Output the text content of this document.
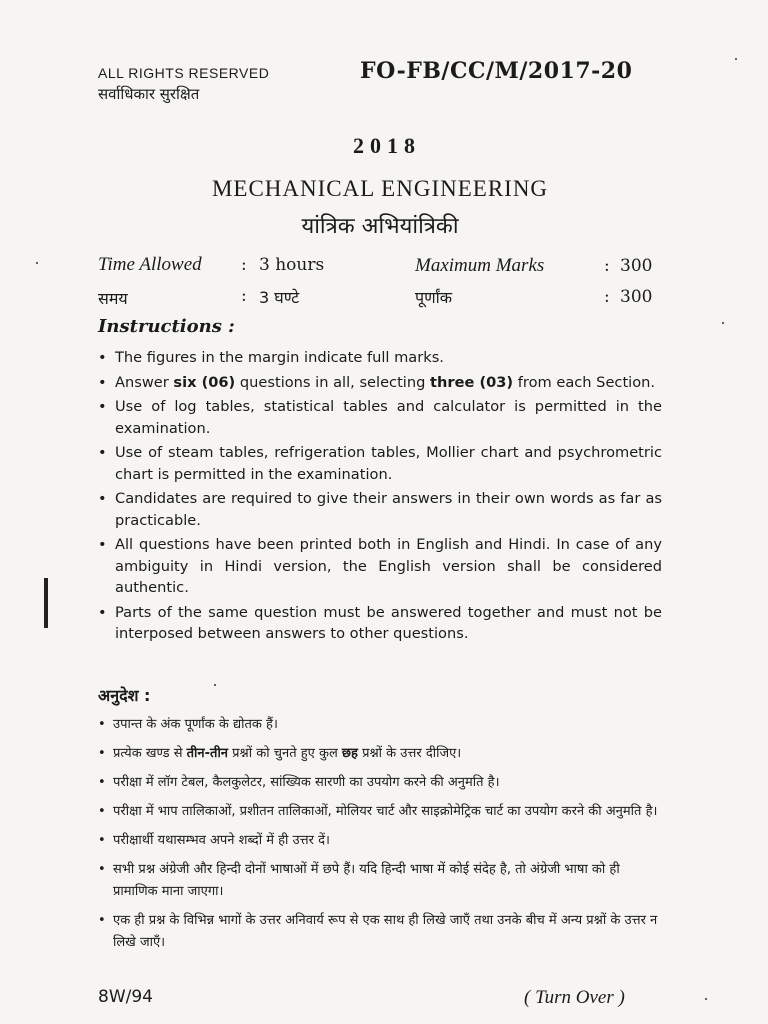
ALL RIGHTS RESERVED
सर्वाधिकार सुरक्षित
FO-FB/CC/M/2017-20
2018
MECHANICAL ENGINEERING
यांत्रिक अभियांत्रिकी
Time Allowed : 3 hours	Maximum Marks	: 300
समय	: 3 घण्टे	पूर्णांक	: 300
Instructions :
• The figures in the margin indicate full marks.
• Answer six (06) questions in all, selecting three (03) from each Section.
• Use of log tables, statistical tables and calculator is permitted in the examination.
• Use of steam tables, refrigeration tables, Mollier chart and psychrometric chart is permitted in the examination.
• Candidates are required to give their answers in their own words as far as practicable.
• All questions have been printed both in English and Hindi. In case of any ambiguity in Hindi version, the English version shall be considered authentic.
• Parts of the same question must be answered together and must not be interposed between answers to other questions.
अनुदेश :
• उपान्त के अंक पूर्णांक के द्योतक हैं।
• प्रत्येक खण्ड से तीन-तीन प्रश्नों को चुनते हुए कुल छह प्रश्नों के उत्तर दीजिए।
• परीक्षा में लॉग टेबल, कैलकुलेटर, सांख्यिक सारणी का उपयोग करने की अनुमति है।
• परीक्षा में भाप तालिकाओं, प्रशीतन तालिकाओं, मोलियर चार्ट और साइक्रोमेट्रिक चार्ट का उपयोग करने की अनुमति है।
• परीक्षार्थी यथासम्भव अपने शब्दों में ही उत्तर दें।
• सभी प्रश्न अंग्रेजी और हिन्दी दोनों भाषाओं में छपे हैं। यदि हिन्दी भाषा में कोई संदेह है, तो अंग्रेजी भाषा को ही प्रामाणिक माना जाएगा।
• एक ही प्रश्न के विभिन्न भागों के उत्तर अनिवार्य रूप से एक साथ ही लिखे जाएँ तथा उनके बीच में अन्य प्रश्नों के उत्तर न लिखे जाएँ।
8W/94	( Turn Over )
